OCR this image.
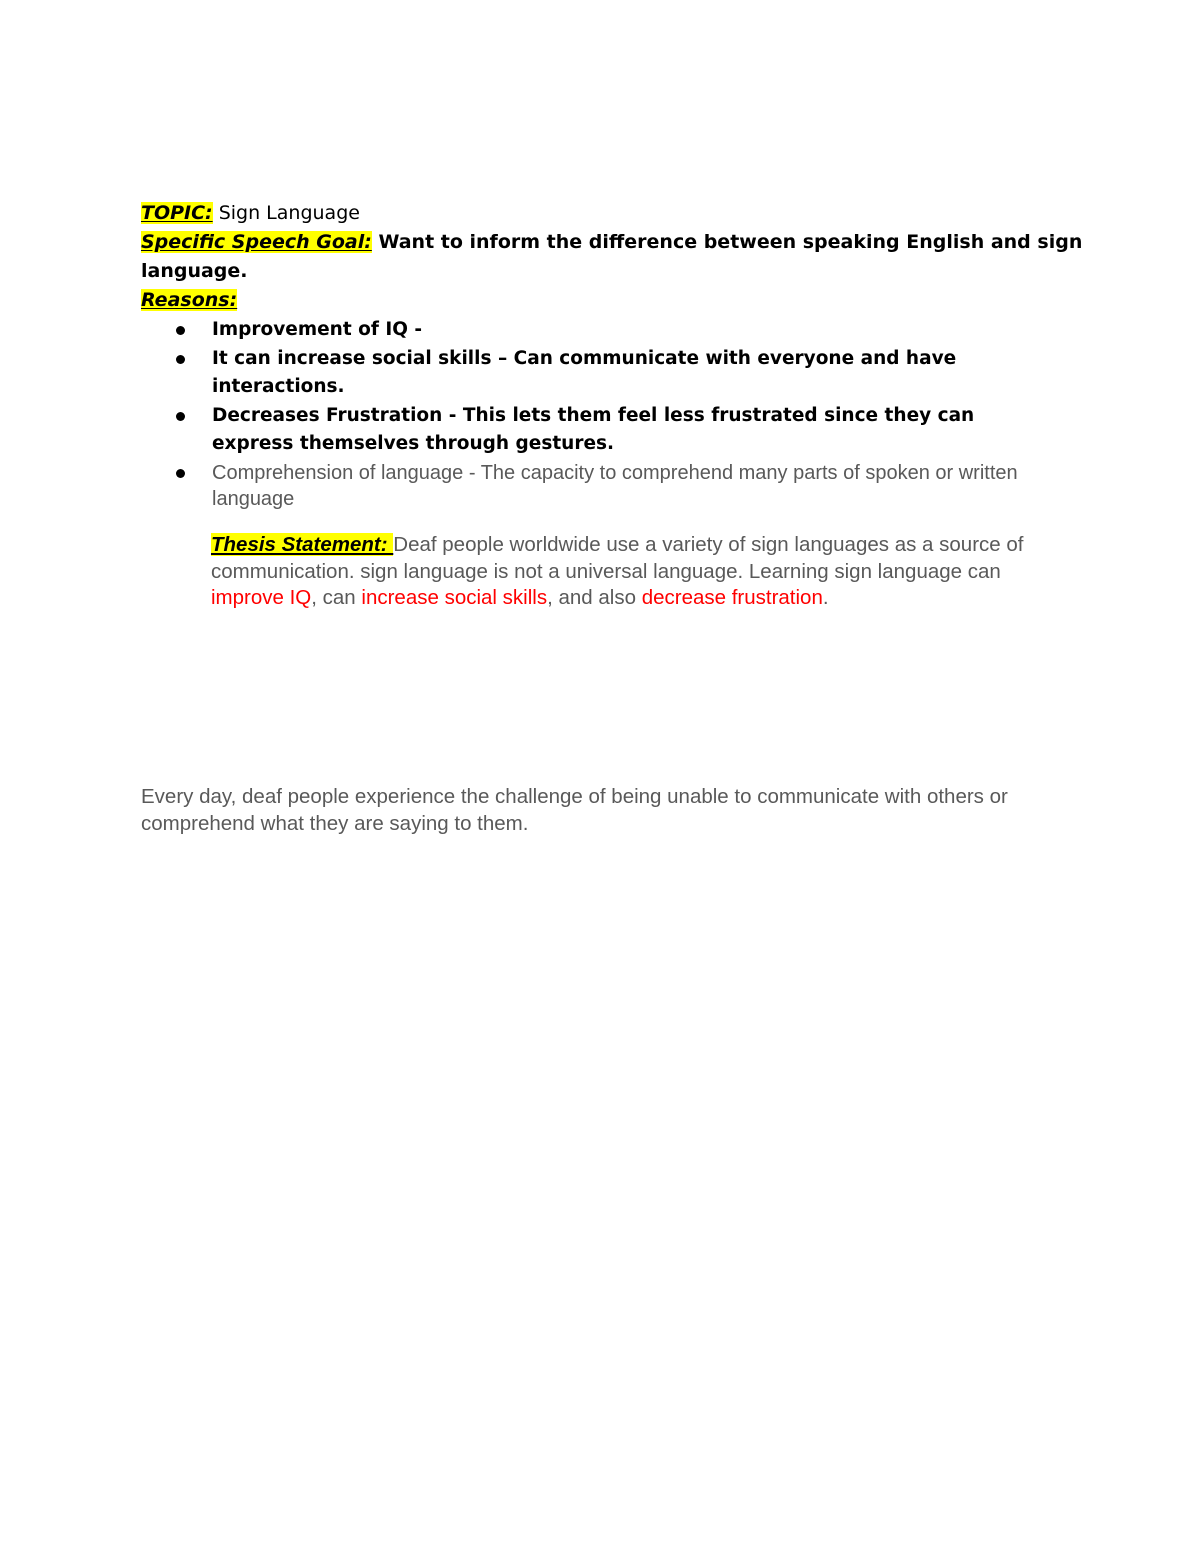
TOPIC: Sign Language
Specific Speech Goal: Want to inform the difference between speaking English and sign
language.
Reasons:
Improvement of IQ -
It can increase social skills – Can communicate with everyone and have interactions.
Decreases Frustration - This lets them feel less frustrated since they can express themselves through gestures.
Comprehension of language - The capacity to comprehend many parts of spoken or written language
Thesis Statement: Deaf people worldwide use a variety of sign languages as a source of communication. sign language is not a universal language. Learning sign language can improve IQ, can increase social skills, and also decrease frustration.
Every day, deaf people experience the challenge of being unable to communicate with others or comprehend what they are saying to them.
